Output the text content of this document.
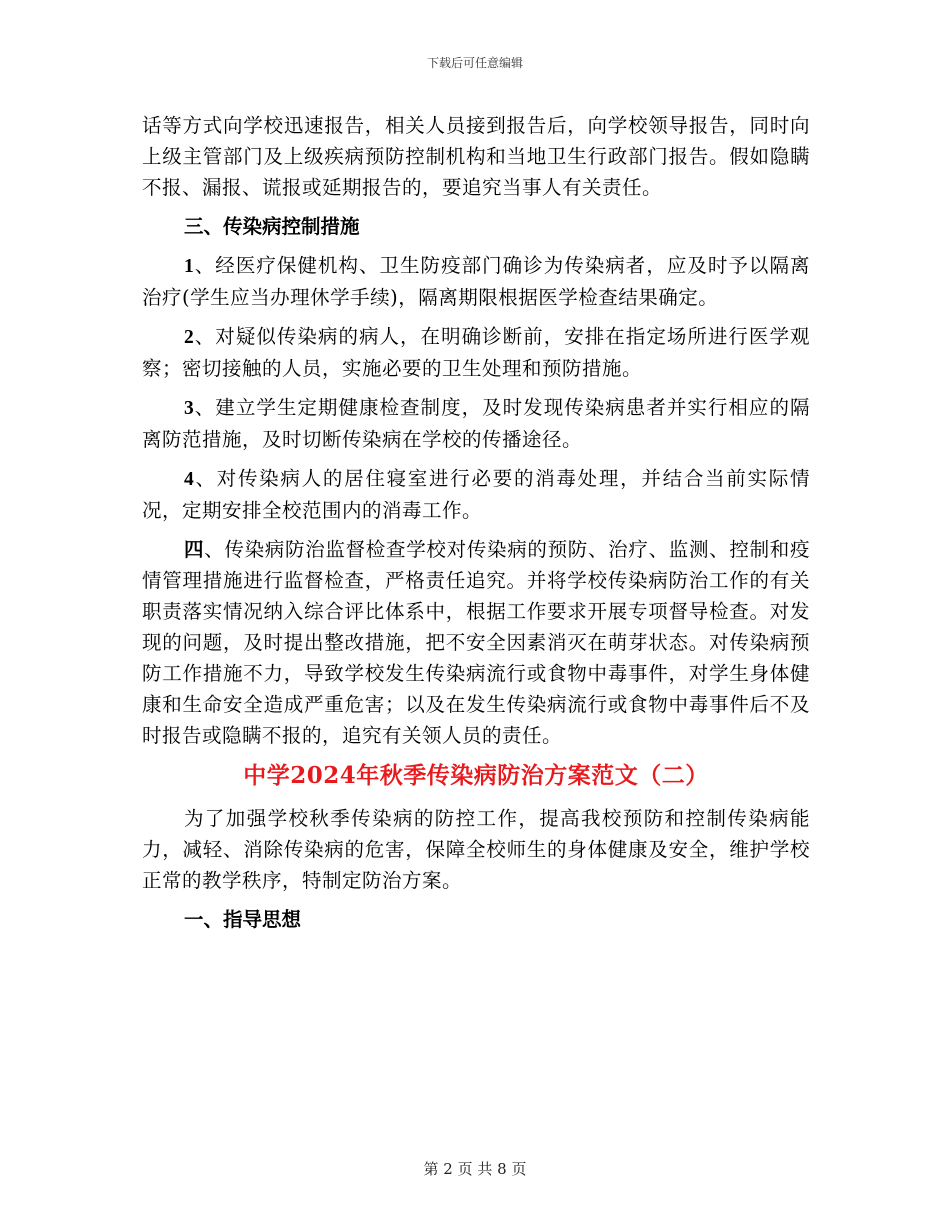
下载后可任意编辑

话等方式向学校迅速报告，相关人员接到报告后，向学校领导报告，同时向上级主管部门及上级疾病预防控制机构和当地卫生行政部门报告。假如隐瞒不报、漏报、谎报或延期报告的，要追究当事人有关责任。

三、传染病控制措施

1、经医疗保健机构、卫生防疫部门确诊为传染病者，应及时予以隔离治疗(学生应当办理休学手续)，隔离期限根据医学检查结果确定。

2、对疑似传染病的病人，在明确诊断前，安排在指定场所进行医学观察；密切接触的人员，实施必要的卫生处理和预防措施。

3、建立学生定期健康检查制度，及时发现传染病患者并实行相应的隔离防范措施，及时切断传染病在学校的传播途径。

4、对传染病人的居住寝室进行必要的消毒处理，并结合当前实际情况，定期安排全校范围内的消毒工作。

四、传染病防治监督检查学校对传染病的预防、治疗、监测、控制和疫情管理措施进行监督检查，严格责任追究。并将学校传染病防治工作的有关职责落实情况纳入综合评比体系中，根据工作要求开展专项督导检查。对发现的问题，及时提出整改措施，把不安全因素消灭在萌芽状态。对传染病预防工作措施不力，导致学校发生传染病流行或食物中毒事件，对学生身体健康和生命安全造成严重危害；以及在发生传染病流行或食物中毒事件后不及时报告或隐瞒不报的，追究有关领人员的责任。

中学2024年秋季传染病防治方案范文（二）

为了加强学校秋季传染病的防控工作，提高我校预防和控制传染病能力，减轻、消除传染病的危害，保障全校师生的身体健康及安全，维护学校正常的教学秩序，特制定防治方案。

一、指导思想

第 2 页 共 8 页
